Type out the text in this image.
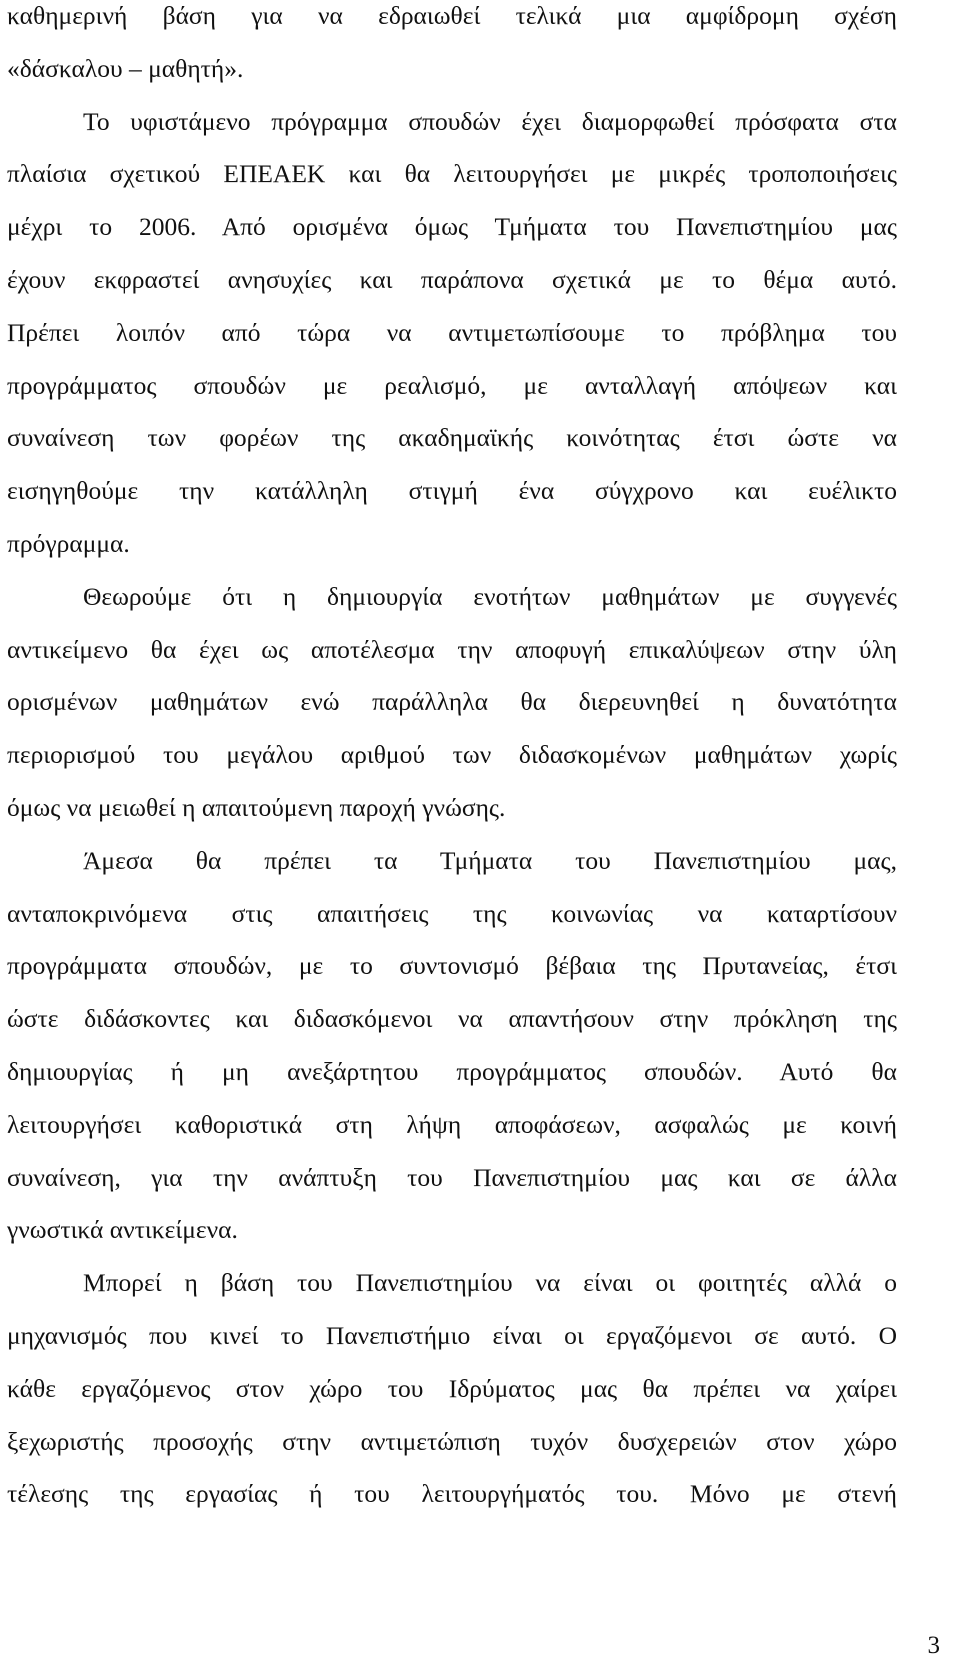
καθημερινή βάση για να εδραιωθεί τελικά μια αμφίδρομη σχέση
«δάσκαλου – μαθητή».

Το υφιστάμενο πρόγραμμα σπουδών έχει διαμορφωθεί πρόσφατα στα
πλαίσια σχετικού ΕΠΕΑΕΚ και θα λειτουργήσει με μικρές τροποποιήσεις
μέχρι το 2006. Από ορισμένα όμως Τμήματα του Πανεπιστημίου μας
έχουν εκφραστεί ανησυχίες και παράπονα σχετικά με το θέμα αυτό.
Πρέπει λοιπόν από τώρα να αντιμετωπίσουμε το πρόβλημα του
προγράμματος σπουδών με ρεαλισμό, με ανταλλαγή απόψεων και
συναίνεση των φορέων της ακαδημαϊκής κοινότητας έτσι ώστε να
εισηγηθούμε την κατάλληλη στιγμή ένα σύγχρονο και ευέλικτο
πρόγραμμα.

Θεωρούμε ότι η δημιουργία ενοτήτων μαθημάτων με συγγενές
αντικείμενο θα έχει ως αποτέλεσμα την αποφυγή επικαλύψεων στην ύλη
ορισμένων μαθημάτων ενώ παράλληλα θα διερευνηθεί η δυνατότητα
περιορισμού του μεγάλου αριθμού των διδασκομένων μαθημάτων χωρίς
όμως να μειωθεί η απαιτούμενη παροχή γνώσης.

Άμεσα θα πρέπει τα Τμήματα του Πανεπιστημίου μας,
ανταποκρινόμενα στις απαιτήσεις της κοινωνίας να καταρτίσουν
προγράμματα σπουδών, με το συντονισμό βέβαια της Πρυτανείας, έτσι
ώστε διδάσκοντες και διδασκόμενοι να απαντήσουν στην πρόκληση της
δημιουργίας ή μη ανεξάρτητου προγράμματος σπουδών. Αυτό θα
λειτουργήσει καθοριστικά στη λήψη αποφάσεων, ασφαλώς με κοινή
συναίνεση, για την ανάπτυξη του Πανεπιστημίου μας και σε άλλα
γνωστικά αντικείμενα.

Μπορεί η βάση του Πανεπιστημίου να είναι οι φοιτητές αλλά ο
μηχανισμός που κινεί το Πανεπιστήμιο είναι οι εργαζόμενοι σε αυτό. Ο
κάθε εργαζόμενος στον χώρο του Ιδρύματος μας θα πρέπει να χαίρει
ξεχωριστής προσοχής στην αντιμετώπιση τυχόν δυσχερειών στον χώρο
τέλεσης της εργασίας ή του λειτουργήματός του. Μόνο με στενή

3
